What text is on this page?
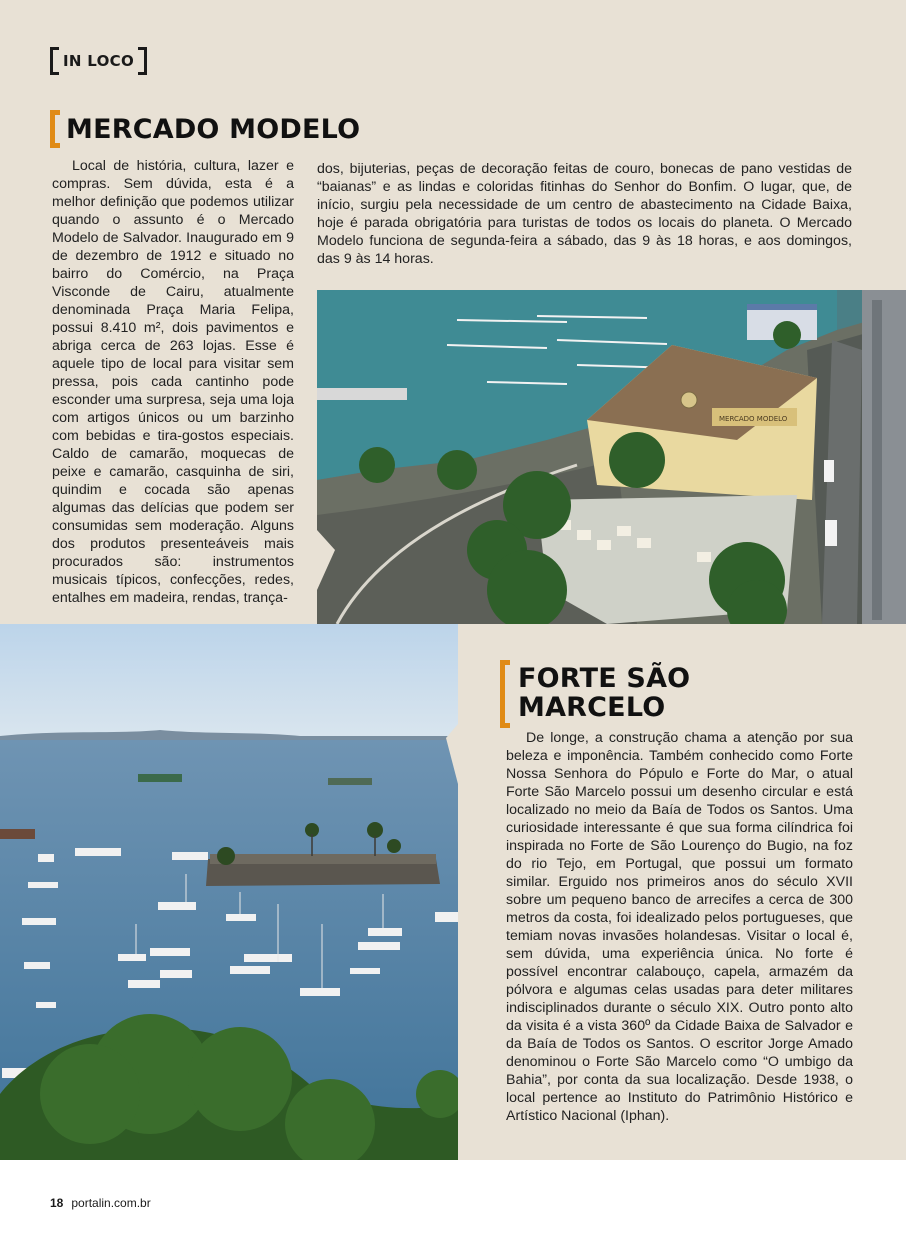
IN LOCO
MERCADO MODELO

Local de história, cultura, lazer e compras. Sem dúvida, esta é a melhor definição que podemos utilizar quando o assunto é o Mercado Modelo de Salvador. Inaugurado em 9 de dezembro de 1912 e situado no bairro do Comércio, na Praça Visconde de Cairu, atualmente denominada Praça Maria Felipa, possui 8.410 m², dois pavimentos e abriga cerca de 263 lojas. Esse é aquele tipo de local para visitar sem pressa, pois cada cantinho pode esconder uma surpresa, seja uma loja com artigos únicos ou um barzinho com bebidas e tira-gostos especiais. Caldo de camarão, moquecas de peixe e camarão, casquinha de siri, quindim e cocada são apenas algumas das delícias que podem ser consumidas sem moderação. Alguns dos produtos presenteáveis mais procurados são: instrumentos musicais típicos, confecções, redes, entalhes em madeira, rendas, trança-

dos, bijuterias, peças de decoração feitas de couro, bonecas de pano vestidas de “baianas” e as lindas e coloridas fitinhas do Senhor do Bonfim. O lugar, que, de início, surgiu pela necessidade de um centro de abastecimento na Cidade Baixa, hoje é parada obrigatória para turistas de todos os locais do planeta. O Mercado Modelo funciona de segunda-feira a sábado, das 9 às 18 horas, e aos domingos, das 9 às 14 horas.

MERCADO MODELO
FORTE SÃO
MARCELO

De longe, a construção chama a atenção por sua beleza e imponência. Também conhecido como Forte Nossa Senhora do Pópulo e Forte do Mar, o atual Forte São Marcelo possui um desenho circular e está localizado no meio da Baía de Todos os Santos. Uma curiosidade interessante é que sua forma cilíndrica foi inspirada no Forte de São Lourenço do Bugio, na foz do rio Tejo, em Portugal, que possui um formato similar. Erguido nos primeiros anos do século XVII sobre um pequeno banco de arrecifes a cerca de 300 metros da costa, foi idealizado pelos portugueses, que temiam novas invasões holandesas. Visitar o local é, sem dúvida, uma experiência única. No forte é possível encontrar calabouço, capela, armazém da pólvora e algumas celas usadas para deter militares indisciplinados durante o século XIX. Outro ponto alto da visita é a vista 360º da Cidade Baixa de Salvador e da Baía de Todos os Santos. O escritor Jorge Amado denominou o Forte São Marcelo como “O umbigo da Bahia”, por conta da sua localização. Desde 1938, o local pertence ao Instituto do Patrimônio Histórico e Artístico Nacional (Iphan).

18 portalin.com.br
